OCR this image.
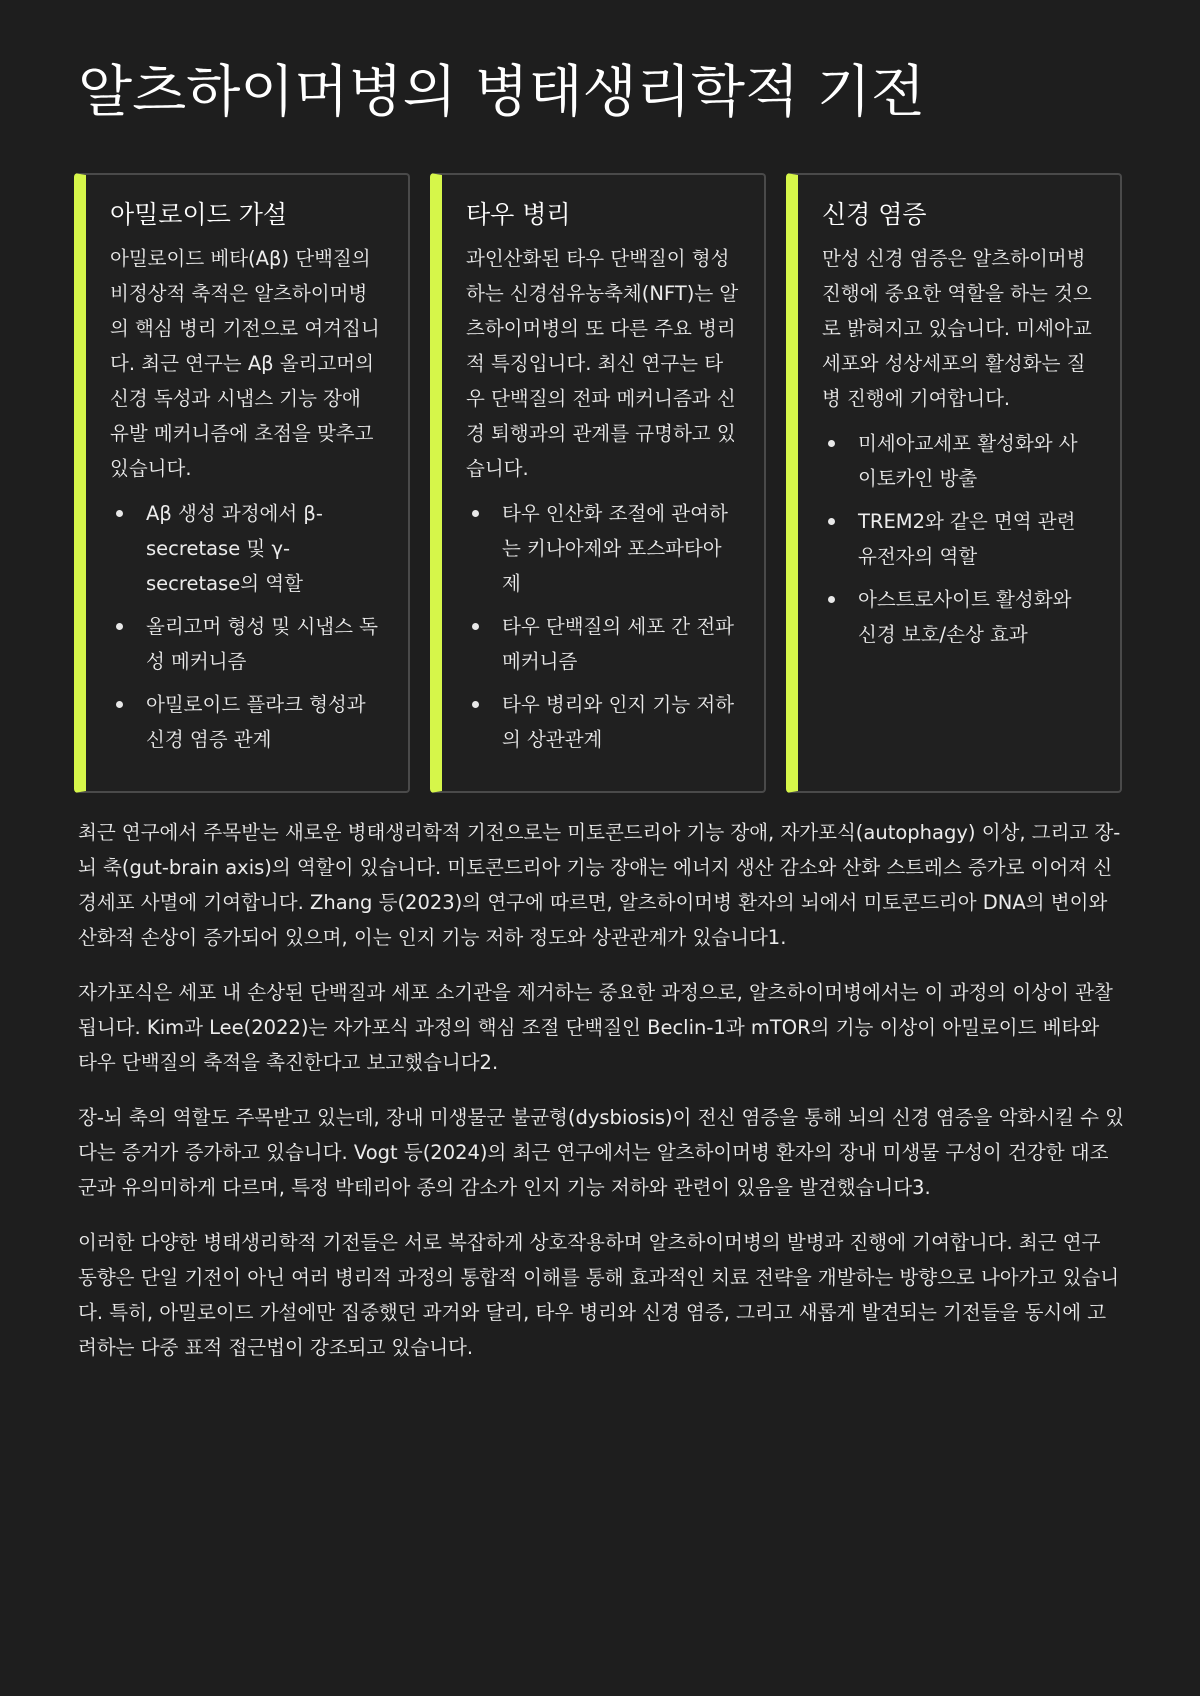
알츠하이머병의 병태생리학적 기전
아밀로이드 가설

아밀로이드 베타(Aβ) 단백질의 비정상적 축적은 알츠하이머병의 핵심 병리 기전으로 여겨집니다. 최근 연구는 Aβ 올리고머의 신경 독성과 시냅스 기능 장애 유발 메커니즘에 초점을 맞추고 있습니다.

Aβ 생성 과정에서 β-secretase 및 γ-secretase의 역할
올리고머 형성 및 시냅스 독성 메커니즘
아밀로이드 플라크 형성과 신경 염증 관계
타우 병리

과인산화된 타우 단백질이 형성하는 신경섬유농축체(NFT)는 알츠하이머병의 또 다른 주요 병리적 특징입니다. 최신 연구는 타우 단백질의 전파 메커니즘과 신경 퇴행과의 관계를 규명하고 있습니다.

타우 인산화 조절에 관여하는 키나아제와 포스파타아제
타우 단백질의 세포 간 전파 메커니즘
타우 병리와 인지 기능 저하의 상관관계
신경 염증

만성 신경 염증은 알츠하이머병 진행에 중요한 역할을 하는 것으로 밝혀지고 있습니다. 미세아교세포와 성상세포의 활성화는 질병 진행에 기여합니다.

미세아교세포 활성화와 사이토카인 방출
TREM2와 같은 면역 관련 유전자의 역할
아스트로사이트 활성화와 신경 보호/손상 효과

최근 연구에서 주목받는 새로운 병태생리학적 기전으로는 미토콘드리아 기능 장애, 자가포식(autophagy) 이상, 그리고 장-뇌 축(gut-brain axis)의 역할이 있습니다. 미토콘드리아 기능 장애는 에너지 생산 감소와 산화 스트레스 증가로 이어져 신경세포 사멸에 기여합니다. Zhang 등(2023)의 연구에 따르면, 알츠하이머병 환자의 뇌에서 미토콘드리아 DNA의 변이와 산화적 손상이 증가되어 있으며, 이는 인지 기능 저하 정도와 상관관계가 있습니다1.

자가포식은 세포 내 손상된 단백질과 세포 소기관을 제거하는 중요한 과정으로, 알츠하이머병에서는 이 과정의 이상이 관찰됩니다. Kim과 Lee(2022)는 자가포식 과정의 핵심 조절 단백질인 Beclin-1과 mTOR의 기능 이상이 아밀로이드 베타와 타우 단백질의 축적을 촉진한다고 보고했습니다2.

장-뇌 축의 역할도 주목받고 있는데, 장내 미생물군 불균형(dysbiosis)이 전신 염증을 통해 뇌의 신경 염증을 악화시킬 수 있다는 증거가 증가하고 있습니다. Vogt 등(2024)의 최근 연구에서는 알츠하이머병 환자의 장내 미생물 구성이 건강한 대조군과 유의미하게 다르며, 특정 박테리아 종의 감소가 인지 기능 저하와 관련이 있음을 발견했습니다3.

이러한 다양한 병태생리학적 기전들은 서로 복잡하게 상호작용하며 알츠하이머병의 발병과 진행에 기여합니다. 최근 연구 동향은 단일 기전이 아닌 여러 병리적 과정의 통합적 이해를 통해 효과적인 치료 전략을 개발하는 방향으로 나아가고 있습니다. 특히, 아밀로이드 가설에만 집중했던 과거와 달리, 타우 병리와 신경 염증, 그리고 새롭게 발견되는 기전들을 동시에 고려하는 다중 표적 접근법이 강조되고 있습니다.
